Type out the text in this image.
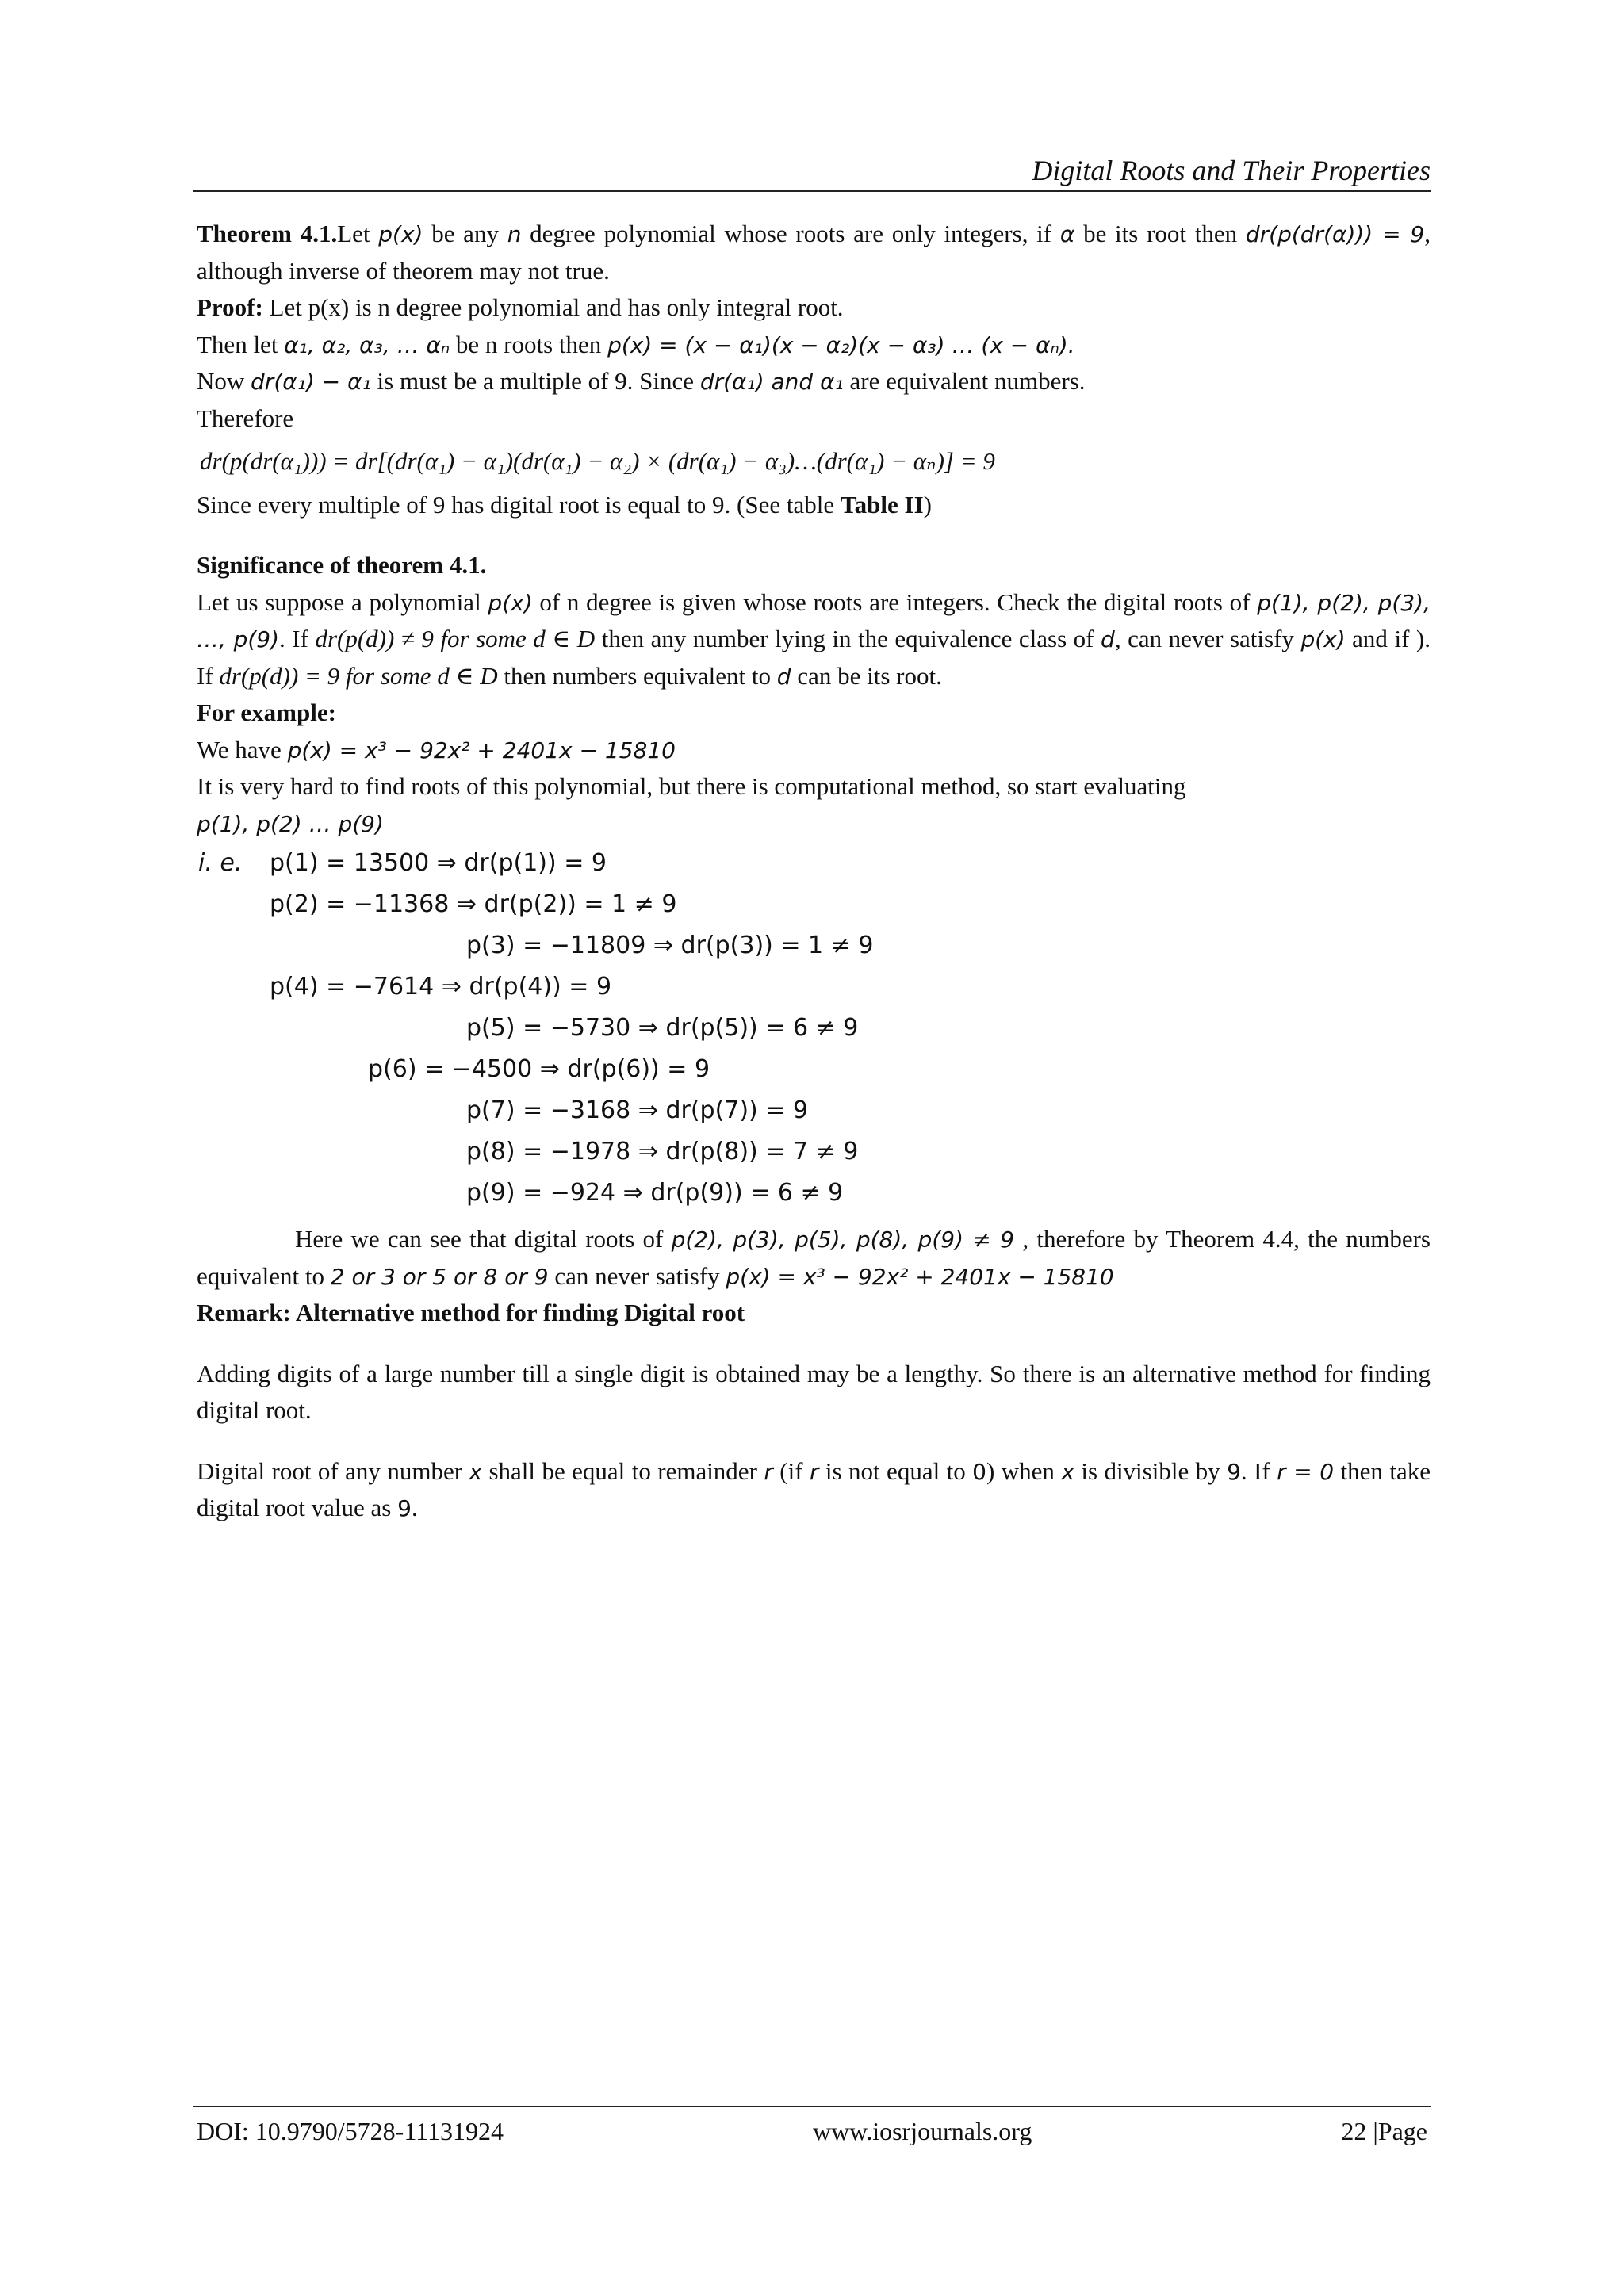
Digital Roots and Their Properties

Theorem 4.1.Let p(x) be any n degree polynomial whose roots are only integers, if α be its root then dr(p(dr(α))) = 9, although inverse of theorem may not true.

Proof: Let p(x) is n degree polynomial and has only integral root.

Then let α₁, α₂, α₃, … αₙ be n roots then p(x) = (x − α₁)(x − α₂)(x − α₃) … (x − αₙ).

Now dr(α₁) − α₁ is must be a multiple of 9. Since dr(α₁) and α₁ are equivalent numbers.

Therefore

dr(p(dr(α₁))) = dr[(dr(α₁) − α₁)(dr(α₁) − α₂) × (dr(α₁) − α₃)…(dr(α₁) − αₙ)] = 9

Since every multiple of 9 has digital root is equal to 9. (See table Table II)

Significance of theorem 4.1.

Let us suppose a polynomial p(x) of n degree is given whose roots are integers. Check the digital roots of p(1), p(2), p(3), …, p(9). If dr(p(d)) ≠ 9 for some d ∈ D then any number lying in the equivalence class of d, can never satisfy p(x) and if ). If dr(p(d)) = 9 for some d ∈ D then numbers equivalent to d can be its root.

For example:

We have p(x) = x³ − 92x² + 2401x − 15810

It is very hard to find roots of this polynomial, but there is computational method, so start evaluating

p(1), p(2) … p(9)

i. e. p(1) = 13500 ⇒ dr(p(1)) = 9
p(2) = −11368 ⇒ dr(p(2)) = 1 ≠ 9
p(3) = −11809 ⇒ dr(p(3)) = 1 ≠ 9
p(4) = −7614 ⇒ dr(p(4)) = 9
p(5) = −5730 ⇒ dr(p(5)) = 6 ≠ 9
p(6) = −4500 ⇒ dr(p(6)) = 9
p(7) = −3168 ⇒ dr(p(7)) = 9
p(8) = −1978 ⇒ dr(p(8)) = 7 ≠ 9
p(9) = −924 ⇒ dr(p(9)) = 6 ≠ 9

Here we can see that digital roots of p(2), p(3), p(5), p(8), p(9) ≠ 9 , therefore by Theorem 4.4, the numbers equivalent to 2 or 3 or 5 or 8 or 9 can never satisfy p(x) = x³ − 92x² + 2401x − 15810

Remark: Alternative method for finding Digital root

Adding digits of a large number till a single digit is obtained may be a lengthy. So there is an alternative method for finding digital root.

Digital root of any number x shall be equal to remainder r (if r is not equal to 0) when x is divisible by 9. If r = 0 then take digital root value as 9.

DOI: 10.9790/5728-11131924	www.iosrjournals.org	22 |Page
